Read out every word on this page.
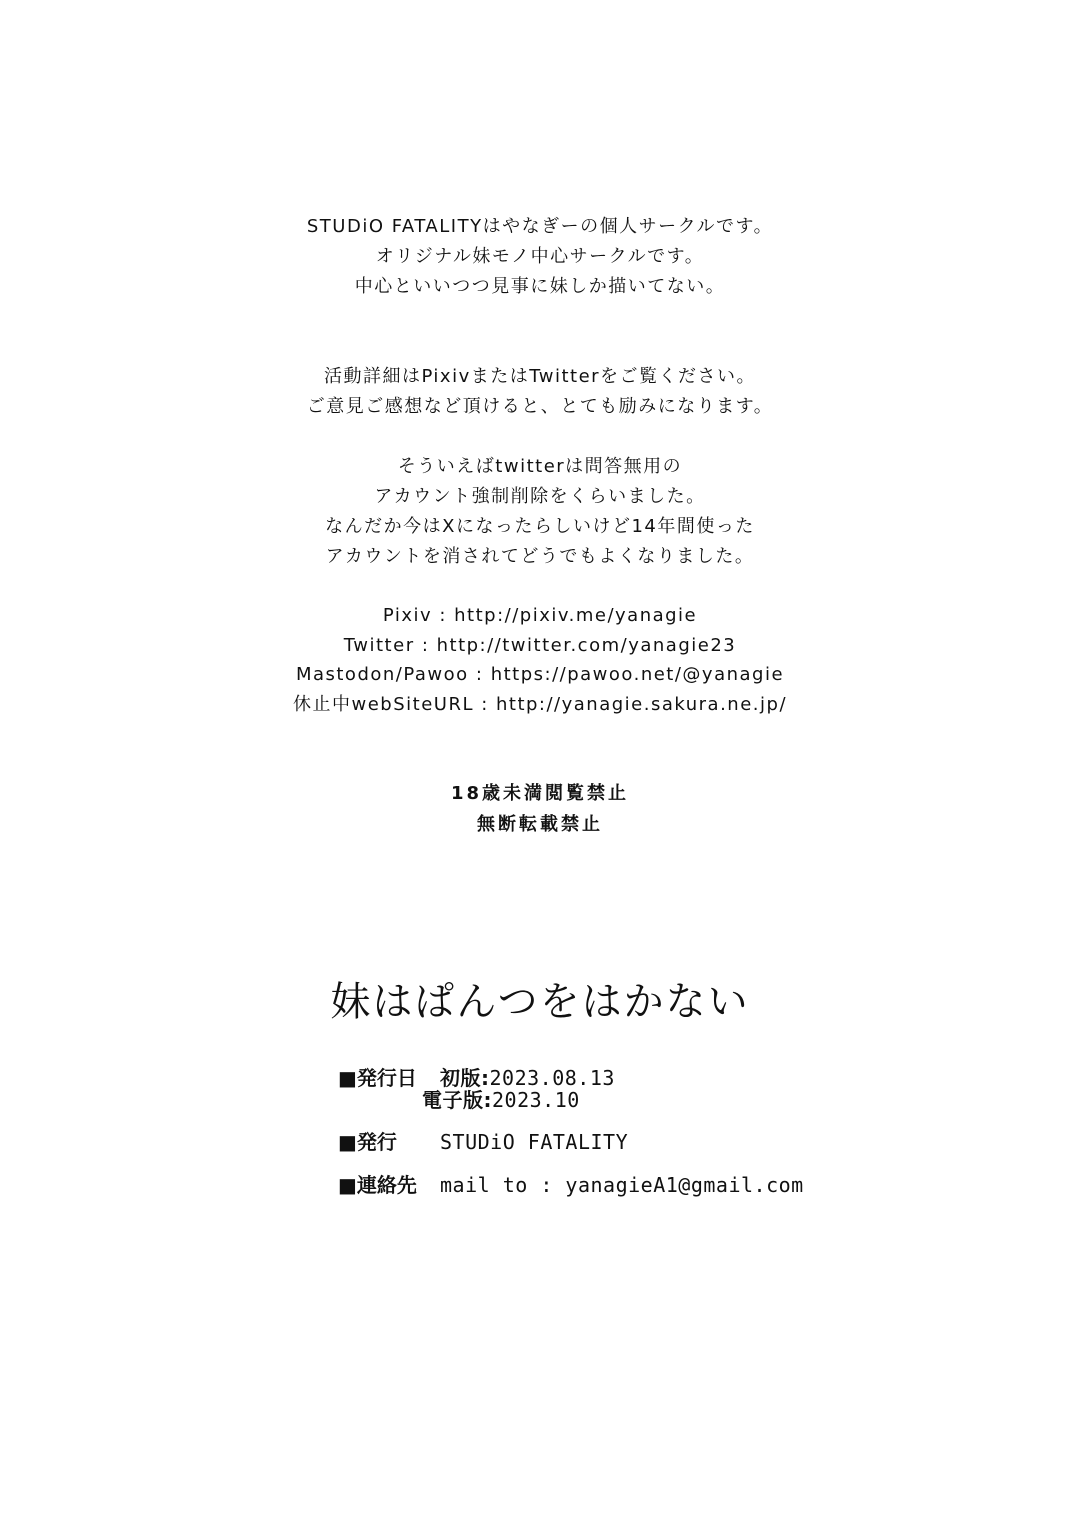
STUDiO FATALITYはやなぎーの個人サークルです。
オリジナル妹モノ中心サークルです。
中心といいつつ見事に妹しか描いてない。
活動詳細はPixivまたはTwitterをご覧ください。
ご意見ご感想など頂けると、とても励みになります。
そういえばtwitterは問答無用の
アカウント強制削除をくらいました。
なんだか今はXになったらしいけど14年間使った
アカウントを消されてどうでもよくなりました。
Pixiv : http://pixiv.me/yanagie
Twitter : http://twitter.com/yanagie23
Mastodon/Pawoo : https://pawoo.net/@yanagie
休止中webSiteURL : http://yanagie.sakura.ne.jp/
18歳未満閲覧禁止
無断転載禁止
妹はぱんつをはかない
■発行日 初版:2023.08.13
電子版:2023.10
■発行 STUDiO FATALITY
■連絡先 mail to : yanagieA1@gmail.com
